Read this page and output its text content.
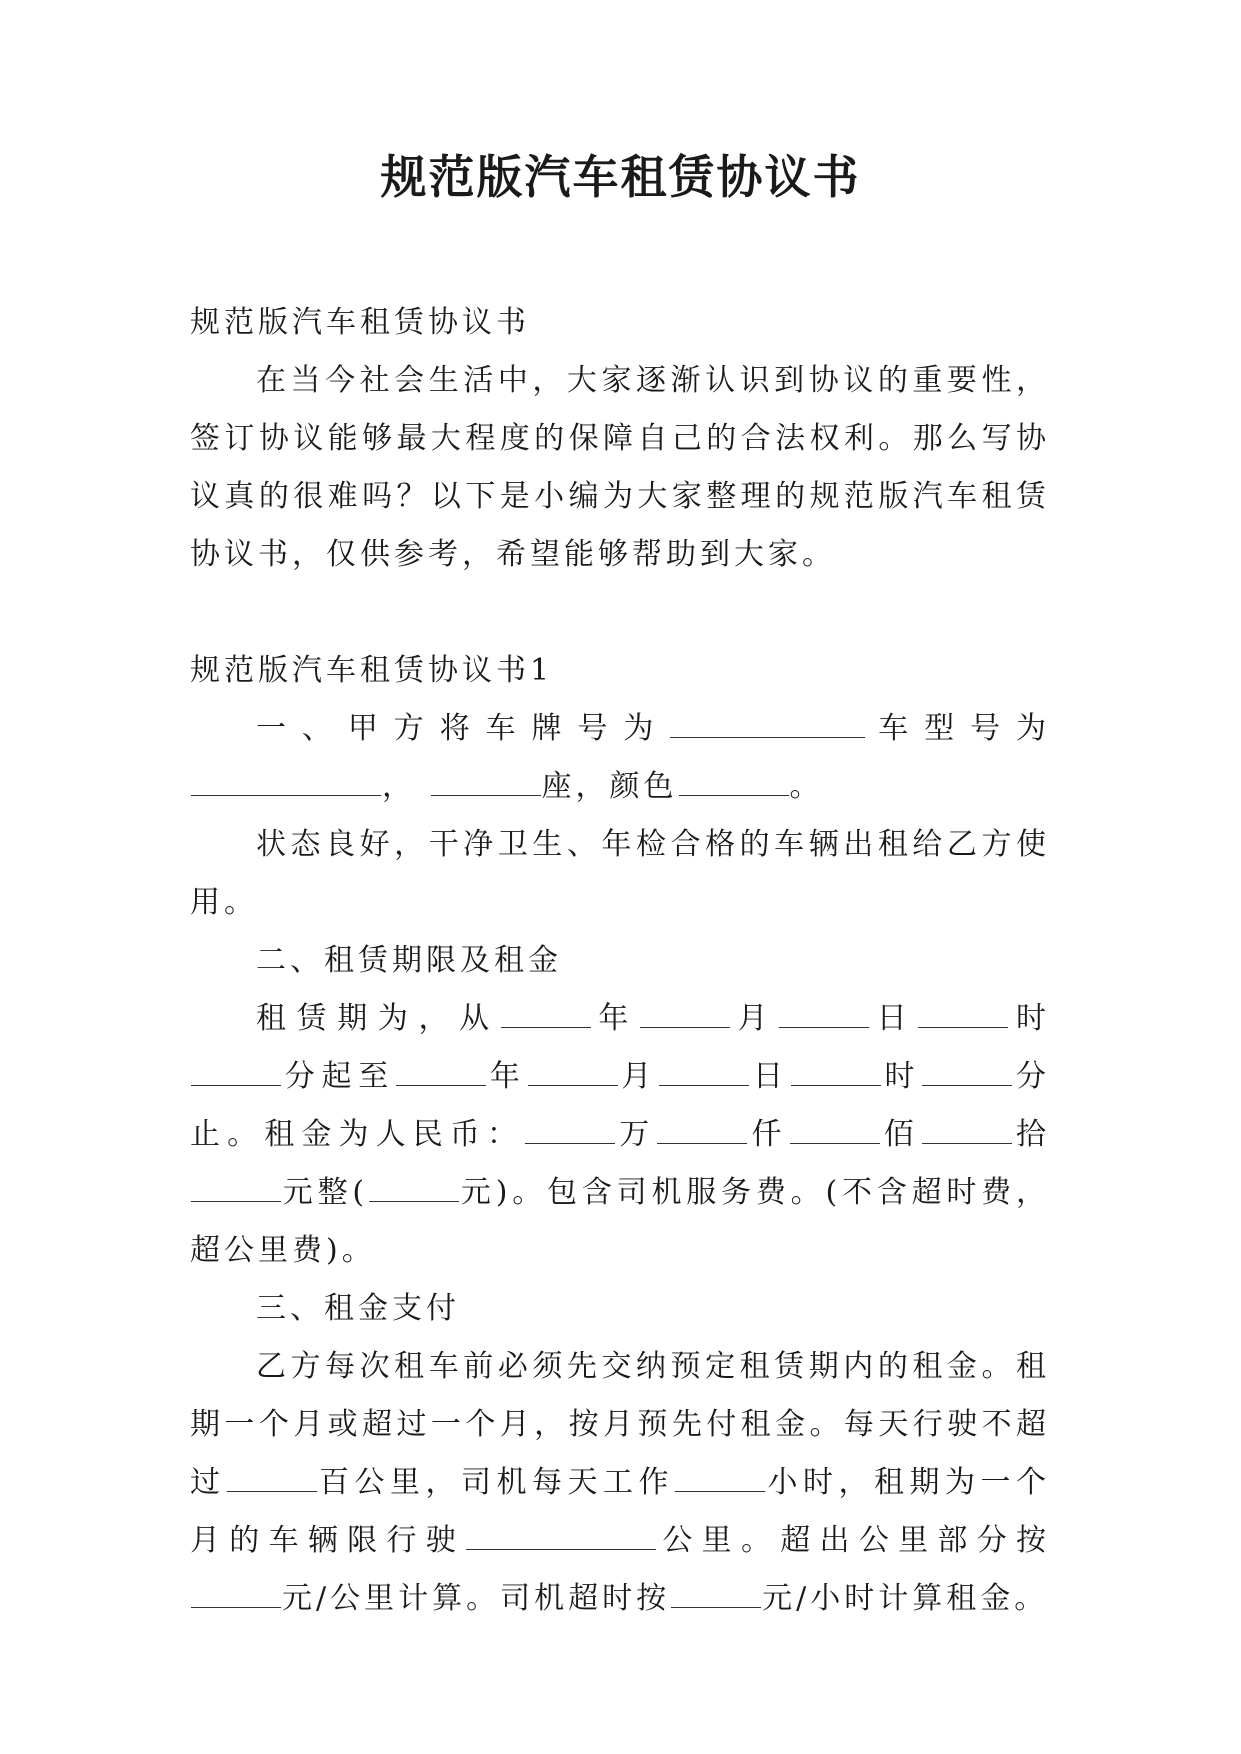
规范版汽车租赁协议书

规范版汽车租赁协议书

在当今社会生活中，大家逐渐认识到协议的重要性，签订协议能够最大程度的保障自己的合法权利。那么写协议真的很难吗？以下是小编为大家整理的规范版汽车租赁协议书，仅供参考，希望能够帮助到大家。

规范版汽车租赁协议书1

一、甲方将车牌号为	车型号为，	座，颜色	。

状态良好，干净卫生、年检合格的车辆出租给乙方使用。

二、租赁期限及租金

租赁期为，从	年	月	日	时分起至	年	月	日	时	分止。租金为人民币：	万	仟	佰	拾元整(	元)。包含司机服务费。(不含超时费，超公里费)。

三、租金支付

乙方每次租车前必须先交纳预定租赁期内的租金。租期一个月或超过一个月，按月预先付租金。每天行驶不超过	百公里，司机每天工作	小时，租期为一个月的车辆限行驶	公里。超出公里部分按元/公里计算。司机超时按	元/小时计算租金。
